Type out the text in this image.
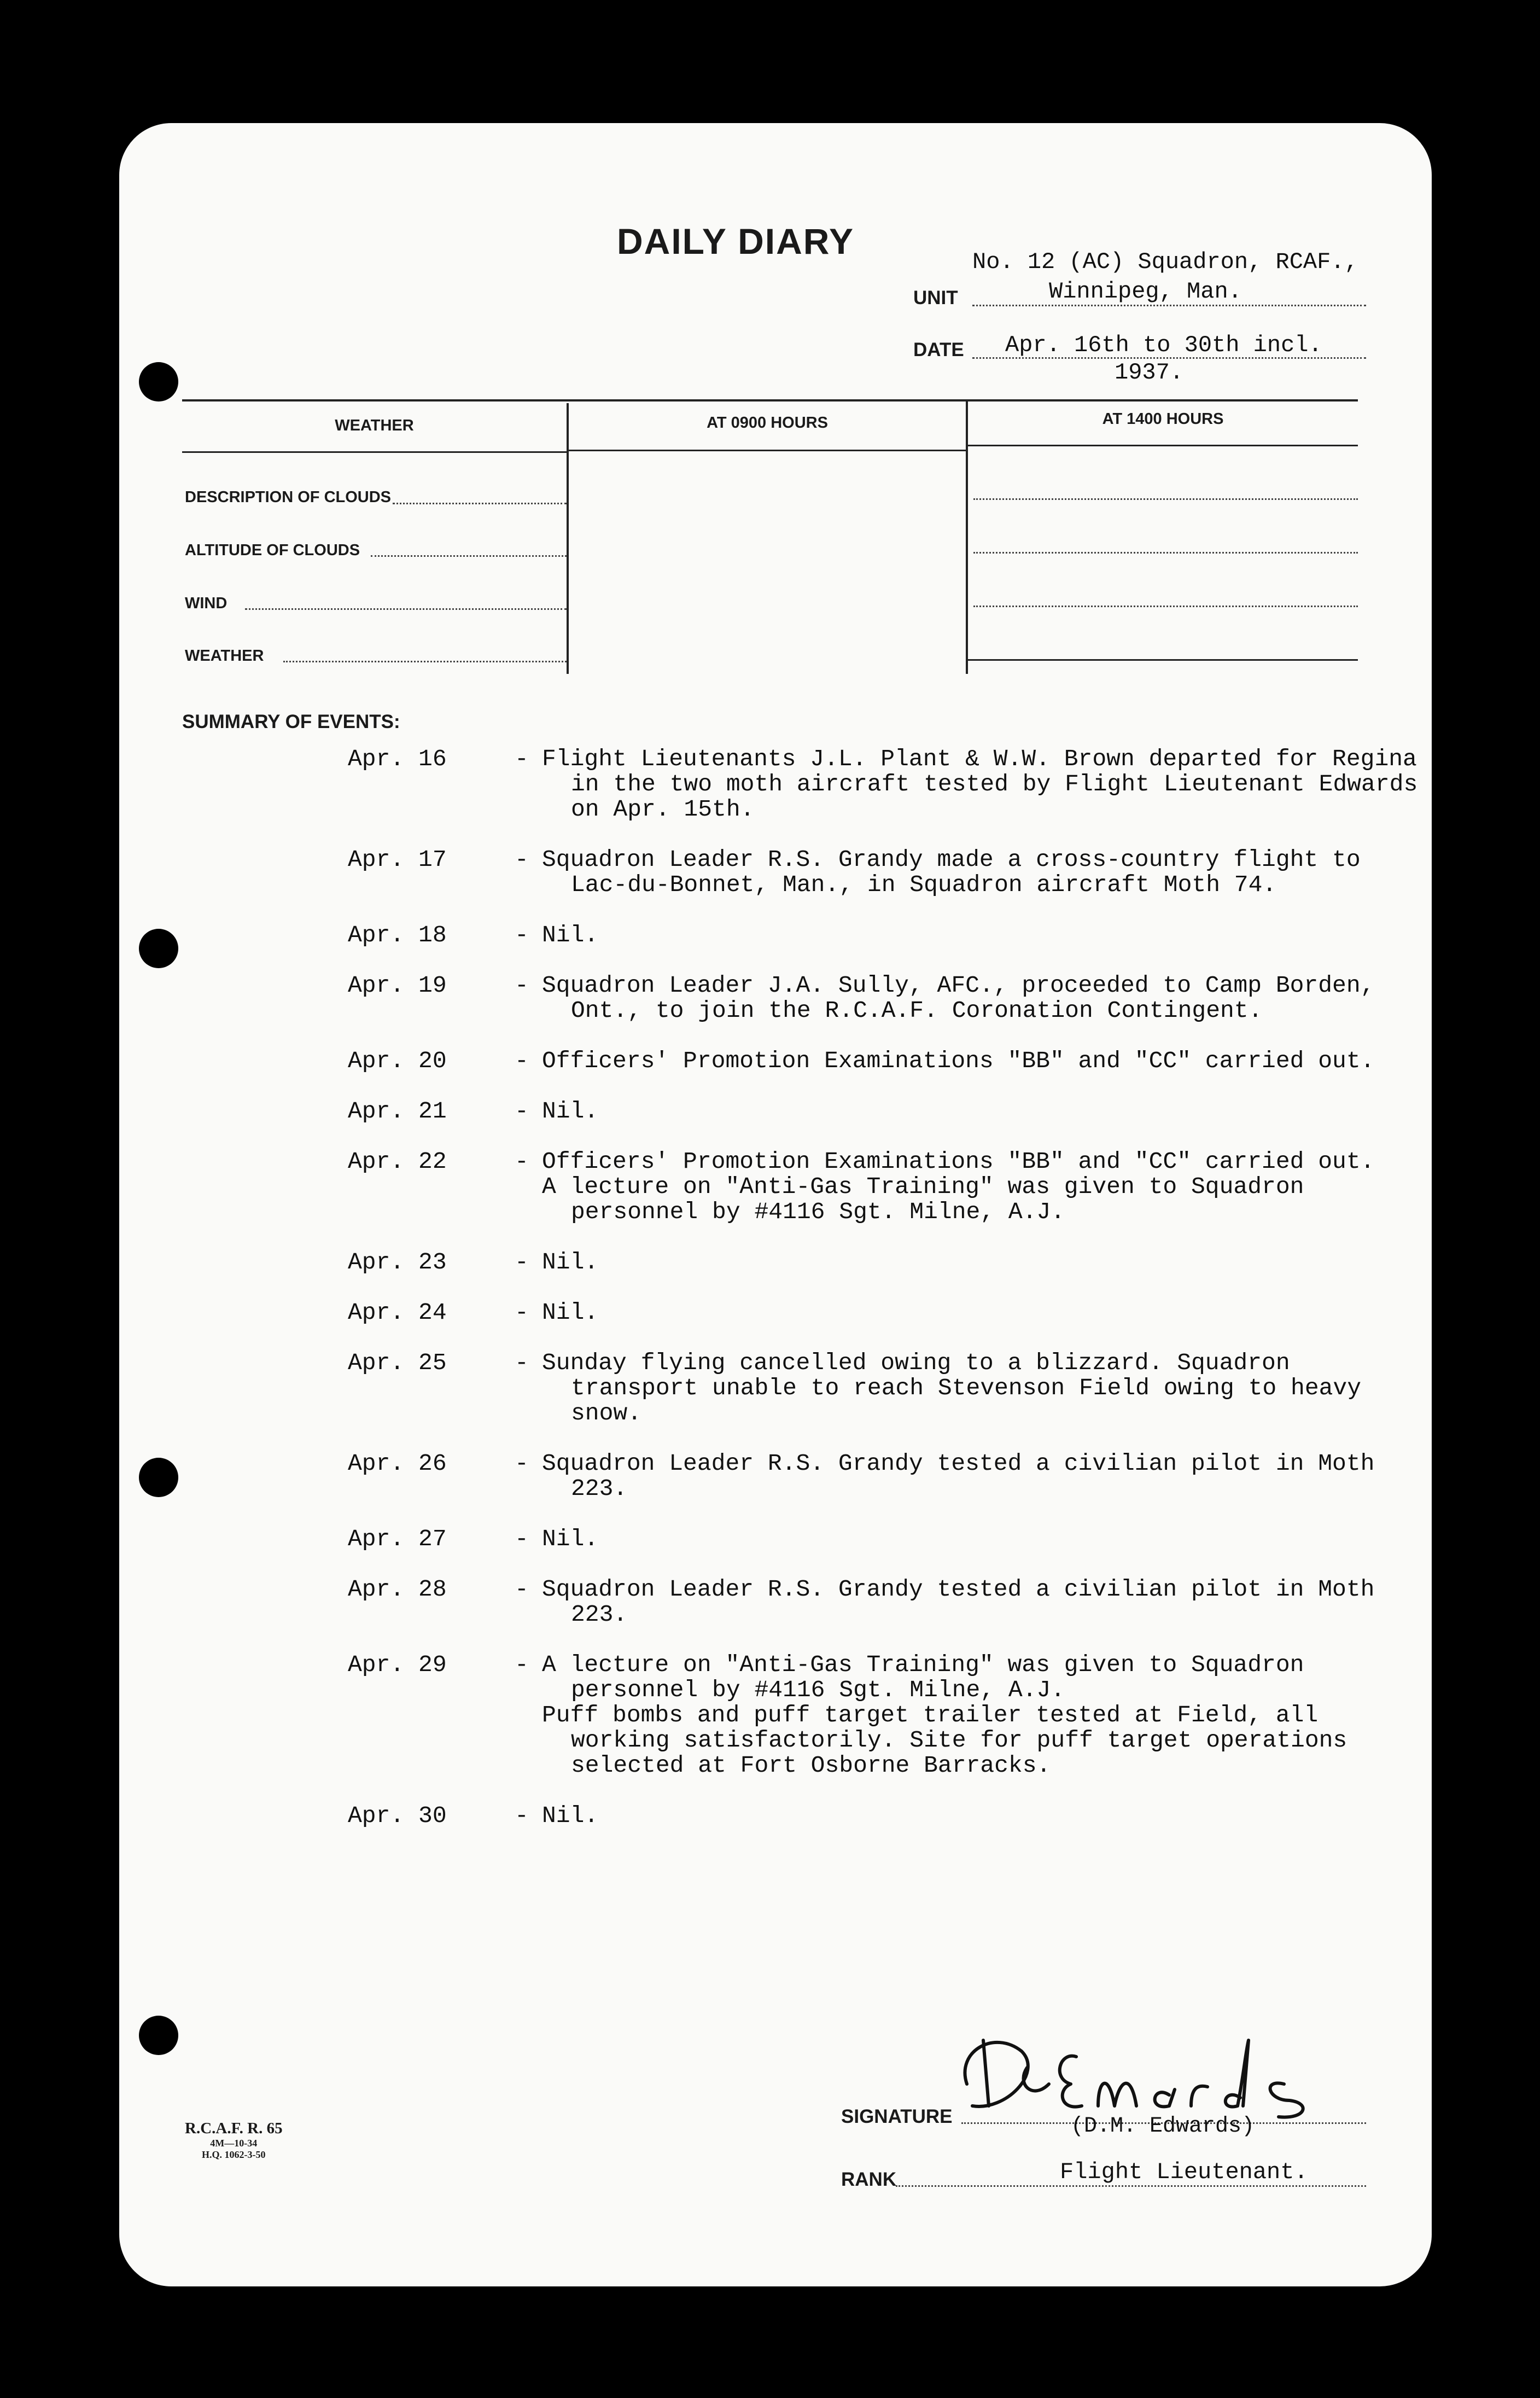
DAILY DIARY
No. 12 (AC) Squadron, RCAF.,
UNIT	Winnipeg, Man.
DATE Apr. 16th to 30th incl.
1937.
WEATHER	AT 0900 HOURS	AT 1400 HOURS
DESCRIPTION OF CLOUDS
ALTITUDE OF CLOUDS
WIND
WEATHER
SUMMARY OF EVENTS:
Apr. 16	- Flight Lieutenants J.L. Plant & W.W. Brown departed for Regina in the two moth aircraft tested by Flight Lieutenant Edwards on Apr. 15th.
Apr. 17	- Squadron Leader R.S. Grandy made a cross-country flight to Lac-du-Bonnet, Man., in Squadron aircraft Moth 74.
Apr. 18	- Nil.
Apr. 19	- Squadron Leader J.A. Sully, AFC., proceeded to Camp Borden, Ont., to join the R.C.A.F. Coronation Contingent.
Apr. 20	- Officers' Promotion Examinations "BB" and "CC" carried out.
Apr. 21	- Nil.
Apr. 22	- Officers' Promotion Examinations "BB" and "CC" carried out.
A lecture on "Anti-Gas Training" was given to Squadron personnel by #4116 Sgt. Milne, A.J.
Apr. 23	- Nil.
Apr. 24	- Nil.
Apr. 25	- Sunday flying cancelled owing to a blizzard. Squadron transport unable to reach Stevenson Field owing to heavy snow.
Apr. 26	- Squadron Leader R.S. Grandy tested a civilian pilot in Moth 223.
Apr. 27	- Nil.
Apr. 28	- Squadron Leader R.S. Grandy tested a civilian pilot in Moth 223.
Apr. 29	- A lecture on "Anti-Gas Training" was given to Squadron personnel by #4116 Sgt. Milne, A.J.
Puff bombs and puff target trailer tested at Field, all working satisfactorily. Site for puff target operations selected at Fort Osborne Barracks.
Apr. 30	- Nil.
R.C.A.F. R. 65
4M—10-34
H.Q. 1062-3-50
SIGNATURE	(D.M. Edwards)
RANK	Flight Lieutenant.
